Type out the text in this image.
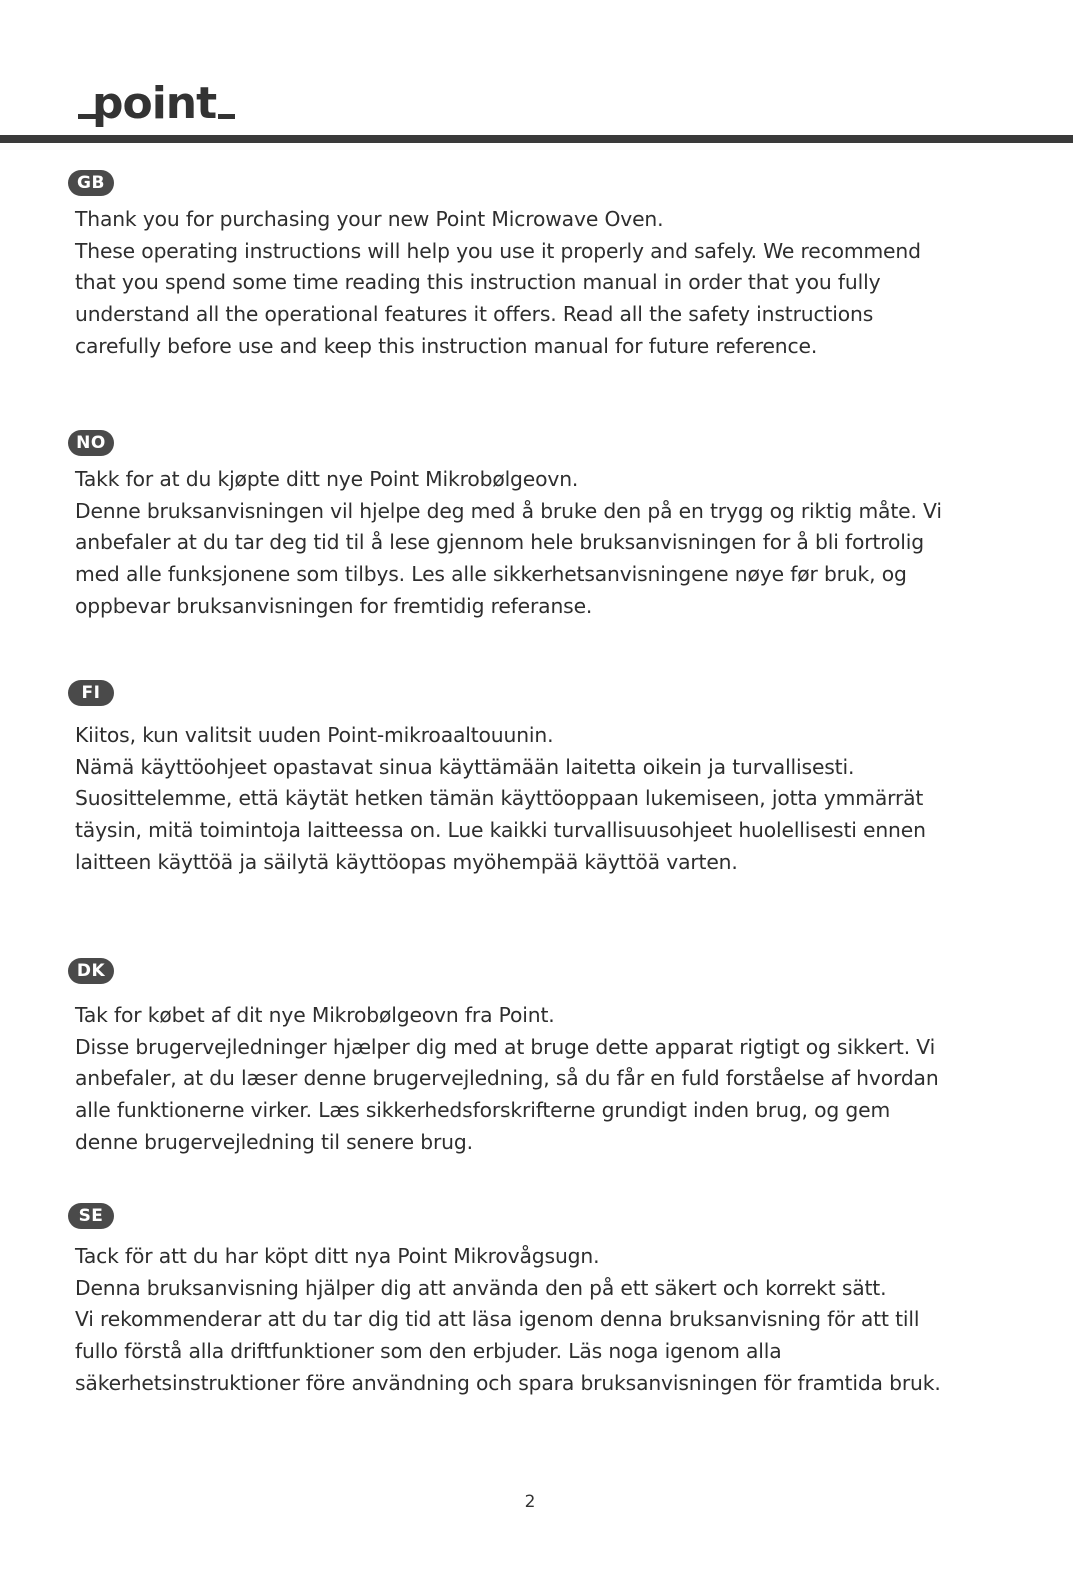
point
GB
Thank you for purchasing your new Point Microwave Oven.
These operating instructions will help you use it properly and safely. We recommend
that you spend some time reading this instruction manual in order that you fully
understand all the operational features it offers. Read all the safety instructions
carefully before use and keep this instruction manual for future reference.
NO
Takk for at du kjøpte ditt nye Point Mikrobølgeovn.
Denne bruksanvisningen vil hjelpe deg med å bruke den på en trygg og riktig måte. Vi
anbefaler at du tar deg tid til å lese gjennom hele bruksanvisningen for å bli fortrolig
med alle funksjonene som tilbys. Les alle sikkerhetsanvisningene nøye før bruk, og
oppbevar bruksanvisningen for fremtidig referanse.
FI
Kiitos, kun valitsit uuden Point-mikroaaltouunin.
Nämä käyttöohjeet opastavat sinua käyttämään laitetta oikein ja turvallisesti.
Suosittelemme, että käytät hetken tämän käyttöoppaan lukemiseen, jotta ymmärrät
täysin, mitä toimintoja laitteessa on. Lue kaikki turvallisuusohjeet huolellisesti ennen
laitteen käyttöä ja säilytä käyttöopas myöhempää käyttöä varten.
DK
Tak for købet af dit nye Mikrobølgeovn fra Point.
Disse brugervejledninger hjælper dig med at bruge dette apparat rigtigt og sikkert. Vi
anbefaler, at du læser denne brugervejledning, så du får en fuld forståelse af hvordan
alle funktionerne virker. Læs sikkerhedsforskrifterne grundigt inden brug, og gem
denne brugervejledning til senere brug.
SE
Tack för att du har köpt ditt nya Point Mikrovågsugn.
Denna bruksanvisning hjälper dig att använda den på ett säkert och korrekt sätt.
Vi rekommenderar att du tar dig tid att läsa igenom denna bruksanvisning för att till
fullo förstå alla driftfunktioner som den erbjuder. Läs noga igenom alla
säkerhetsinstruktioner före användning och spara bruksanvisningen för framtida bruk.
2
